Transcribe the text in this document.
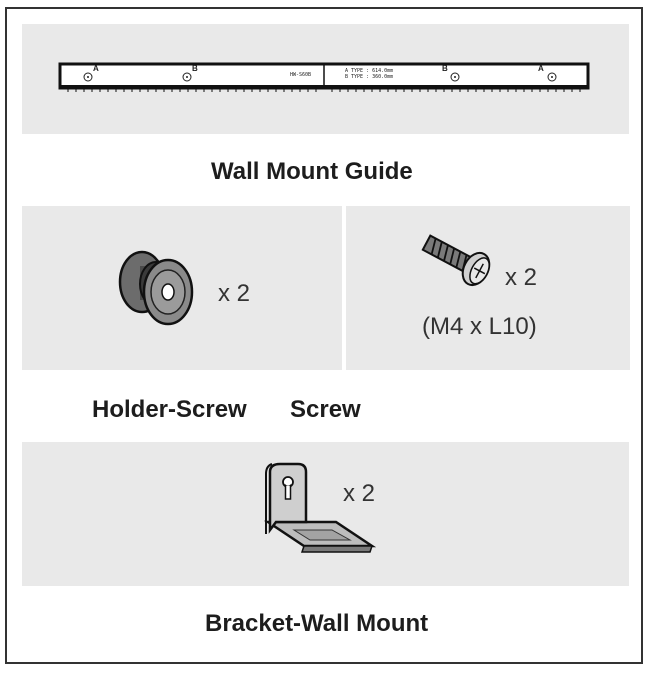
A	B	B	A
HW-S60B
A TYPE : 614.0mm
B TYPE : 360.0mm
Wall Mount Guide
x 2
x 2
(M4 x L10)
Holder-Screw Screw
x 2
Bracket-Wall Mount
